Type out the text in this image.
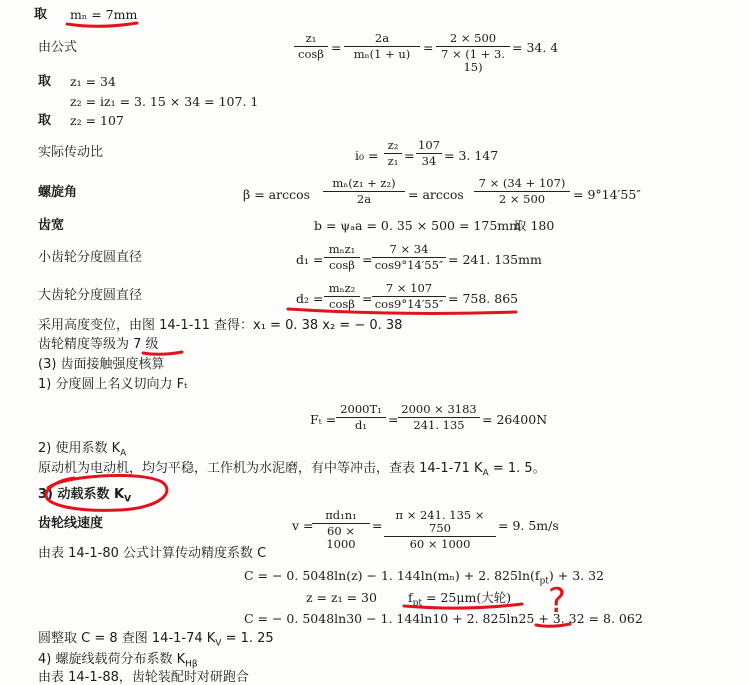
取 mₙ = 7mm
由公式	$\frac{\text{z₁}}{\cos\beta} = \frac{2a}{\text{mₙ(1 + u)}} = \frac{2 \times 500}{7 \times (1 + 3. 15)} = 34$. 4
取 z₁ = 34
z₂ = iz₁ = 3. 15 × 34 = 107. 1
取 z₂ = 107
实际传动比	$i_0 = \frac{\text{z₂}}{\text{z₁}} = \frac{107}{34} = 3$. 147
螺旋角	$\beta = \arccos \frac{\text{mₙ(z₁ + z₂)}}{2a} = \arccos \frac{7 \times (34 + 107)}{2 \times 500} = 9^\circ 14'55''$
齿宽	b = ψₐa = 0. 35 × 500 = 175mm
取 180
小齿轮分度圆直径	d₁ =
mₙz₁
$\cos\beta = \frac{7 \times 34}{\cos 9^\circ 14'55''} = 241$. 135mm
大齿轮分度圆直径	d₂ =
mₙz₂
$\cos\beta = \frac{7 \times 107}{\cos 9^\circ 14'55''} = 758$. 865
采用高度变位，由图 14-1-11 查得：x₁ = 0. 38 x₂ = − 0. 38
齿轮精度等级为 7 级
(3) 齿面接触强度核算
1) 分度圆上名义切向力 Fₜ
$F_t = \frac{\text{2000T₁}}{\text{d₁}} = \frac{2000 \times 3183}{241. 135} = 26400N$
2) 使用系数 $K_A$
原动机为电动机，均匀平稳，工作机为水泥磨，有中等冲击，查表 14-1-71 $K_A = 1$. 5。
3) 动载系数 $K_V$
齿轮线速度	v =
$\frac{\text{πd₁n₁}}{60 \times 1000} = \frac{\pi \times 241. 135 \times 750}{60 \times 1000} = 9$. 5m/s
由表 14-1-80 公式计算传动精度系数 C
C = − 0. 5048ln(z) − 1. 144ln(mₙ) + 2. $825\ln(f_{pt}) + 3$. 32
z = z₁ = 30 $f_{pt} = 25\mu m$(大轮)
C = − 0. 5048ln30 − 1. 144ln10 + 2. 825ln25 + 3. 32 = 8. 062
圆整取 C = 8 查图 14-1-74 $K_V = 1$. 25
4) 螺旋线载荷分布系数 $K_{H\beta}$
由表 14-1-88，齿轮装配时对研跑合
?
